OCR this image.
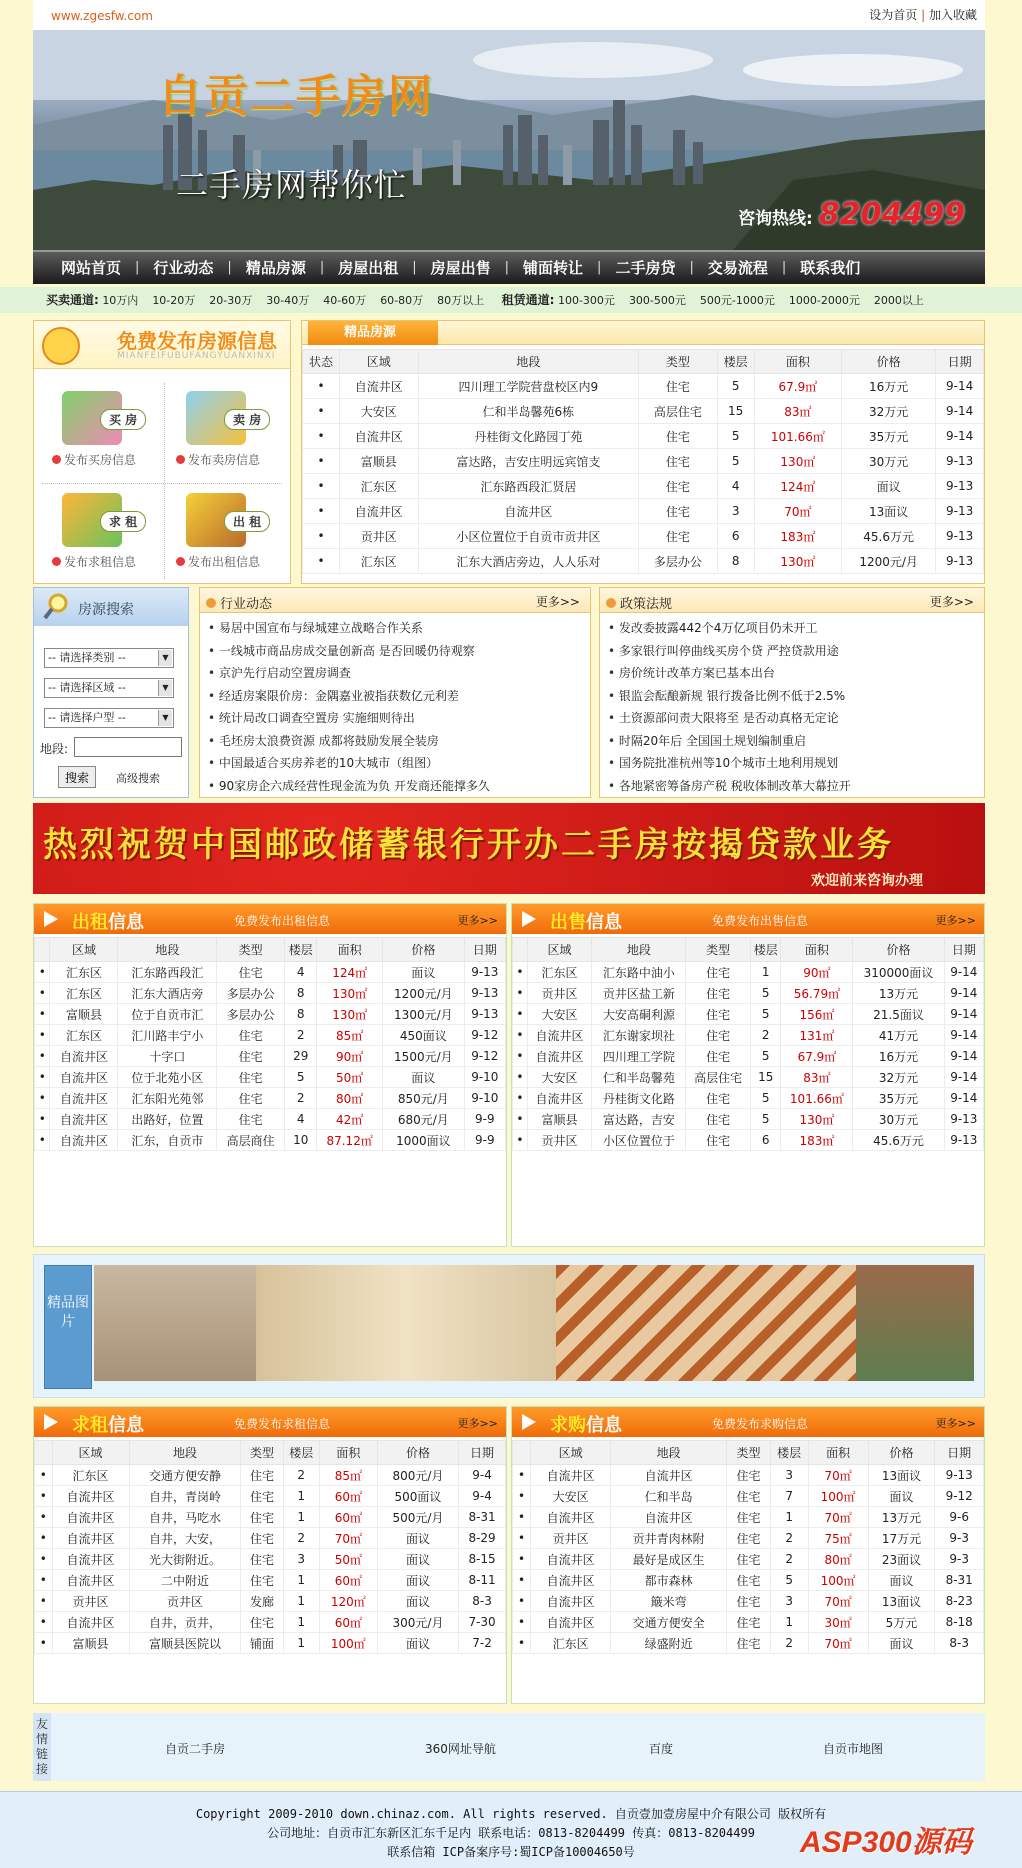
www.zgesfw.com	设为首页 | 加入收藏
自贡二手房网
二手房网帮你忙
咨询热线: 8204499
网站首页	| 行业动态	| 精品房源	| 房屋出租	| 房屋出售	| 铺面转让	| 二手房贷	| 交易流程	| 联系我们
买卖通道: 10万内 10-20万 20-30万 30-40万 40-60万 60-80万 80万以上 租赁通道: 100-300元 300-500元 500元-1000元 1000-2000元 2000以上
免费发布房源信息
MIANFEIFUBUFANGYUANXINXI
买 房
发布买房信息
卖 房
发布卖房信息
求 租
发布求租信息
出 租
发布出租信息
精品房源
状态	区域	地段	类型	楼层	面积	价格	日期
•	自流井区	四川理工学院营盘校区内9	住宅	5	67.9㎡	16万元	9-14
•	大安区	仁和半岛馨苑6栋	高层住宅	15	83㎡	32万元	9-14
•	自流井区	丹桂街文化路园丁苑	住宅	5	101.66㎡	35万元	9-14
•	富顺县	富达路，吉安庄明远宾馆支	住宅	5	130㎡	30万元	9-13
•	汇东区	汇东路西段汇贤居	住宅	4	124㎡	面议	9-13
•	自流井区	自流井区	住宅	3	70㎡	13面议	9-13
•	贡井区	小区位置位于自贡市贡井区	住宅	6	183㎡	45.6万元	9-13
•	汇东区	汇东大酒店旁边，人人乐对	多层办公	8	130㎡	1200元/月	9-13
房源搜索
-- 请选择类别 --	▼
-- 请选择区域 --	▼
-- 请选择户型 --	▼
地段:
搜索	高级搜索
行业动态	更多>>
• 易居中国宣布与绿城建立战略合作关系
• 一线城市商品房成交量创新高 是否回暖仍待观察
• 京沪先行启动空置房调查
• 经适房案限价房：金隅嘉业被指获数亿元利差
• 统计局改口调查空置房 实施细则待出
• 毛坯房太浪费资源 成都将鼓励发展全装房
• 中国最适合买房养老的10大城市（组图）
• 90家房企六成经营性现金流为负 开发商还能撑多久
政策法规	更多>>
• 发改委披露442个4万亿项目仍未开工
• 多家银行叫停曲线买房个贷 严控贷款用途
• 房价统计改革方案已基本出台
• 银监会酝酿新规 银行拨备比例不低于2.5%
• 土资源部问责大限将至 是否动真格无定论
• 时隔20年后 全国国土规划编制重启
• 国务院批准杭州等10个城市土地利用规划
• 各地紧密筹备房产税 税收体制改革大幕拉开
热烈祝贺中国邮政储蓄银行开办二手房按揭贷款业务
欢迎前来咨询办理
出租信息	免费发布出租信息	更多>>
	区域	地段	类型	楼层	面积	价格	日期
•	汇东区	汇东路西段汇	住宅	4	124㎡	面议	9-13
•	汇东区	汇东大酒店旁	多层办公	8	130㎡	1200元/月	9-13
•	富顺县	位于自贡市汇	多层办公	8	130㎡	1300元/月	9-13
•	汇东区	汇川路丰宁小	住宅	2	85㎡	450面议	9-12
•	自流井区	十字口	住宅	29	90㎡	1500元/月	9-12
•	自流井区	位于北苑小区	住宅	5	50㎡	面议	9-10
•	自流井区	汇东阳光苑邻	住宅	2	80㎡	850元/月	9-10
•	自流井区	出路好，位置	住宅	4	42㎡	680元/月	9-9
•	自流井区	汇东，自贡市	高层商住	10	87.12㎡	1000面议	9-9
出售信息	免费发布出售信息	更多>>
	区域	地段	类型	楼层	面积	价格	日期
•	汇东区	汇东路中油小	住宅	1	90㎡	310000面议	9-14
•	贡井区	贡井区盐工新	住宅	5	56.79㎡	13万元	9-14
•	大安区	大安高硐利源	住宅	5	156㎡	21.5面议	9-14
•	自流井区	汇东谢家坝社	住宅	2	131㎡	41万元	9-14
•	自流井区	四川理工学院	住宅	5	67.9㎡	16万元	9-14
•	大安区	仁和半岛馨苑	高层住宅	15	83㎡	32万元	9-14
•	自流井区	丹桂街文化路	住宅	5	101.66㎡	35万元	9-14
•	富顺县	富达路，吉安	住宅	5	130㎡	30万元	9-13
•	贡井区	小区位置位于	住宅	6	183㎡	45.6万元	9-13
精品图片
求租信息	免费发布求租信息	更多>>
	区域	地段	类型	楼层	面积	价格	日期
•	汇东区	交通方便安静	住宅	2	85㎡	800元/月	9-4
•	自流井区	自井，青岗岭	住宅	1	60㎡	500面议	9-4
•	自流井区	自井，马吃水	住宅	1	60㎡	500元/月	8-31
•	自流井区	自井，大安，	住宅	2	70㎡	面议	8-29
•	自流井区	光大街附近。	住宅	3	50㎡	面议	8-15
•	自流井区	二中附近	住宅	1	60㎡	面议	8-11
•	贡井区	贡井区	发廊	1	120㎡	面议	8-3
•	自流井区	自井，贡井，	住宅	1	60㎡	300元/月	7-30
•	富顺县	富顺县医院以	铺面	1	100㎡	面议	7-2
求购信息	免费发布求购信息	更多>>
	区域	地段	类型	楼层	面积	价格	日期
•	自流井区	自流井区	住宅	3	70㎡	13面议	9-13
•	大安区	仁和半岛	住宅	7	100㎡	面议	9-12
•	自流井区	自流井区	住宅	1	70㎡	13万元	9-6
•	贡井区	贡井青肉林附	住宅	2	75㎡	17万元	9-3
•	自流井区	最好是成区生	住宅	2	80㎡	23面议	9-3
•	自流井区	都市森林	住宅	5	100㎡	面议	8-31
•	自流井区	簸米弯	住宅	3	70㎡	13面议	8-23
•	自流井区	交通方便安全	住宅	1	30㎡	5万元	8-18
•	汇东区	绿盛附近	住宅	2	70㎡	面议	8-3
友情链接
自贡二手房	360网址导航	百度	自贡市地图
Copyright 2009-2010 down.chinaz.com. All rights reserved. 自贡壹加壹房屋中介有限公司 版权所有
公司地址：自贡市汇东新区汇东千足内 联系电话：0813-8204499 传真：0813-8204499
联系信箱 ICP备案序号:蜀ICP备10004650号	ASP300源码
